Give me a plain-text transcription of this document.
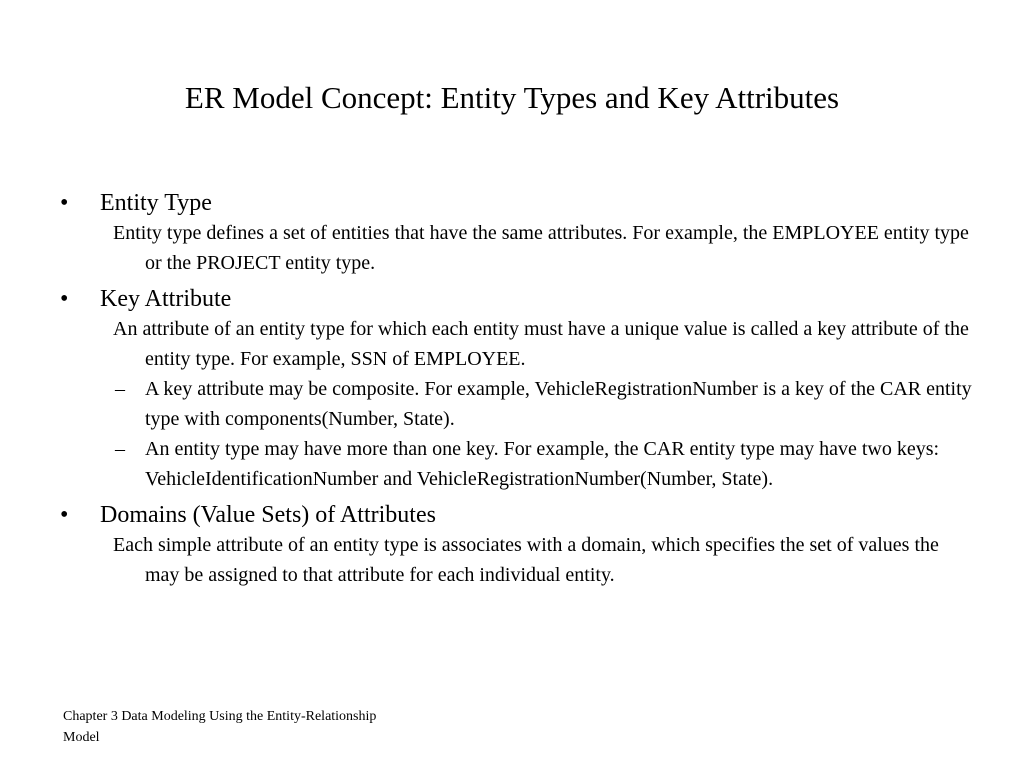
ER Model Concept: Entity Types and Key Attributes
• Entity Type
Entity type defines a set of entities that have the same attributes. For example, the EMPLOYEE entity type or the PROJECT entity type.
• Key Attribute
An attribute of an entity type for which each entity must have a unique value is called a key attribute of the entity type. For example, SSN of EMPLOYEE.
– A key attribute may be composite. For example, VehicleRegistrationNumber is a key of the CAR entity type with components(Number, State).
– An entity type may have more than one key. For example, the CAR entity type may have two keys: VehicleIdentificationNumber and VehicleRegistrationNumber(Number, State).
• Domains (Value Sets) of Attributes
Each simple attribute of an entity type is associates with a domain, which specifies the set of values the may be assigned to that attribute for each individual entity.
Chapter 3 Data Modeling Using the Entity-Relationship Model
